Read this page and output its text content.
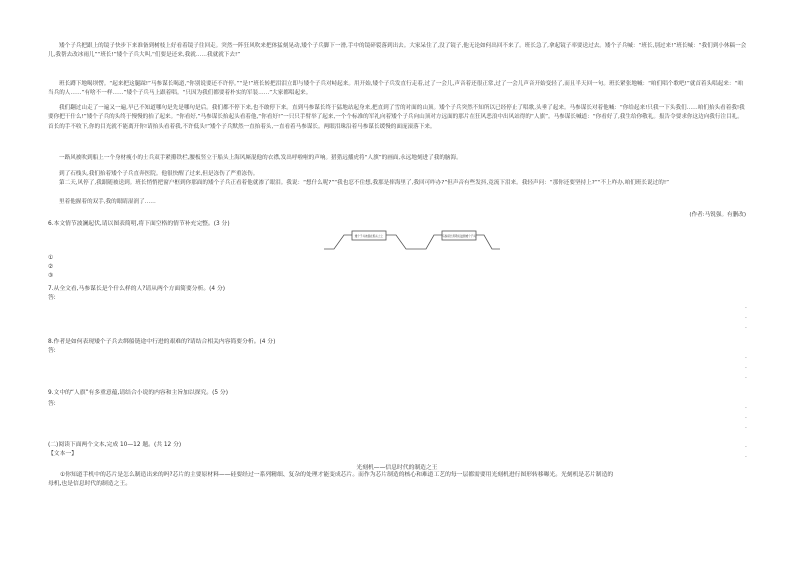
矮个子兵把跟上的镜子快步下来准备到树枝上好看着镜子往回走。突然一阵狂风吹来把体猛刻晃动,矮个子兵脚下一滑,手中的镜碎裂落到出去。大家呆住了,没了镜子,他无论如何出回不来了。班长急了,拿起镜子率要送过去。矮个子兵喊：“班长,别过来!”班长喊：“我们到小休稿一会儿,我帮去改冰雨儿”“班长!”矮个子兵大叫,“们要是还来,我就……我就就下去!”
班长蹲下地喝坝愣。“起来把这腿踩!”马参谋长喝道,“你别说要还不许停。”“是!”班长转把泪泪立即与矮个子兵对峙起来。用开始,矮个子兵发直行走着,过了一会儿,声音着还很正常,过了一会儿声音开始变轻了,而且半天回一句。班长紧张地喊：“咱们唱个歌吧!”就首着头唱起来：“咱当兵的人……”有啥不一样……”矮个子兵马上跟着唱。“只因为我们都要着朴实的军装……”大家都唱起来。
我们翻过山走了一遍又一遍,早已不知道哪句是先是哪句是后。我们都不停下来,也不敢停下来。直到马参谋长终于猛地站起身来,把直到了雪的对面的山顶。矮个子兵突然不知所以已经停止了唱歌,头垂了起来。马参谋长对着他喊：“你给起来!只我一下头我们……咱们抬头看着我!我要你把干什么!”矮个子兵的头终于慢慢的抬了起来。“你看好,”马参谋长抬起头看着他,“你看好!”一只只手臂举了起来,一个个标准的军礼向着矮个子兵向山顶对方远面的那片在狂风恶浪中出风站得的“人旗”。马参谋长喊道：“你看好了,我生给你敬礼。报告令要求你这边向我行注目礼。首长的手不收下,你的目光就不能离开你!请抬头看着我,不许低头!”矮个子兵默然一直抬着头,一直看着马参谋长。两眼泪珠沿着马参谋长缓慢的面庞滚落下来。
一路风被吹到船上一个身材瘦小的士兵双手紧攥铁栏,腰板竖立于船头上海风厮混他的衣襟,发出呼啦啦的声响。猎猎远播虎将“人旗”的画面,永远地刻进了我的脑海。
到了石栈头,我们抬着矮个子兵直奔医院。他很快醒了过来,但是冻伤了严重冻伤。
第二天,风停了,我跟随被送到。班长悄悄把窗户框到你那面的矮个子兵正看着他就渗了眼泪。我说：“想什么呢?”“我也忍不住想,我那是摔海里了,我回可咋办?”但声音有些发抖,竟流下泪来。我轻声问：“那你还要坚持上?”“不上咋办,咱们班长说过的!”
里着他握着的双手,我的眼睛湿润了……
(作者:马锐强。有删改)
6.本文情节波澜起伏,请以图表简明,将下面空格的情节补充完整。(3 分)
矮个子兵被困在船头之上	马参谋长用敬礼鼓励矮个子兵
①
②
③
7.从全文看,马参谋长是个什么样的人?请从两个方面简要分析。(4 分)
答:
8.作者是如何表现矮个子兵去绑船链途中行进的艰难的?请结合相关内容简要分析。(4 分)
答:
9.文中的“人旗”有多重意蕴,请结合小说的内容和主旨加以探究。(5 分)
答:
(二)阅读下面两个文本,完成 10—12 题。(共 12 分)
【文本一】
光刻机——信息时代的制造之王
①你知道手机中的芯片是怎么制造出来的吗?芯片的主要原材料——硅要经过一系列精细、复杂的处理才能变成芯片。而作为芯片制造的核心和难道工艺的每一层都需要用光刻机进行图形转移曝光。光刻机是芯片制造的
母机,也是信息时代的制造之王。
·
·
·
·
·
·
·
·
·
·
·
